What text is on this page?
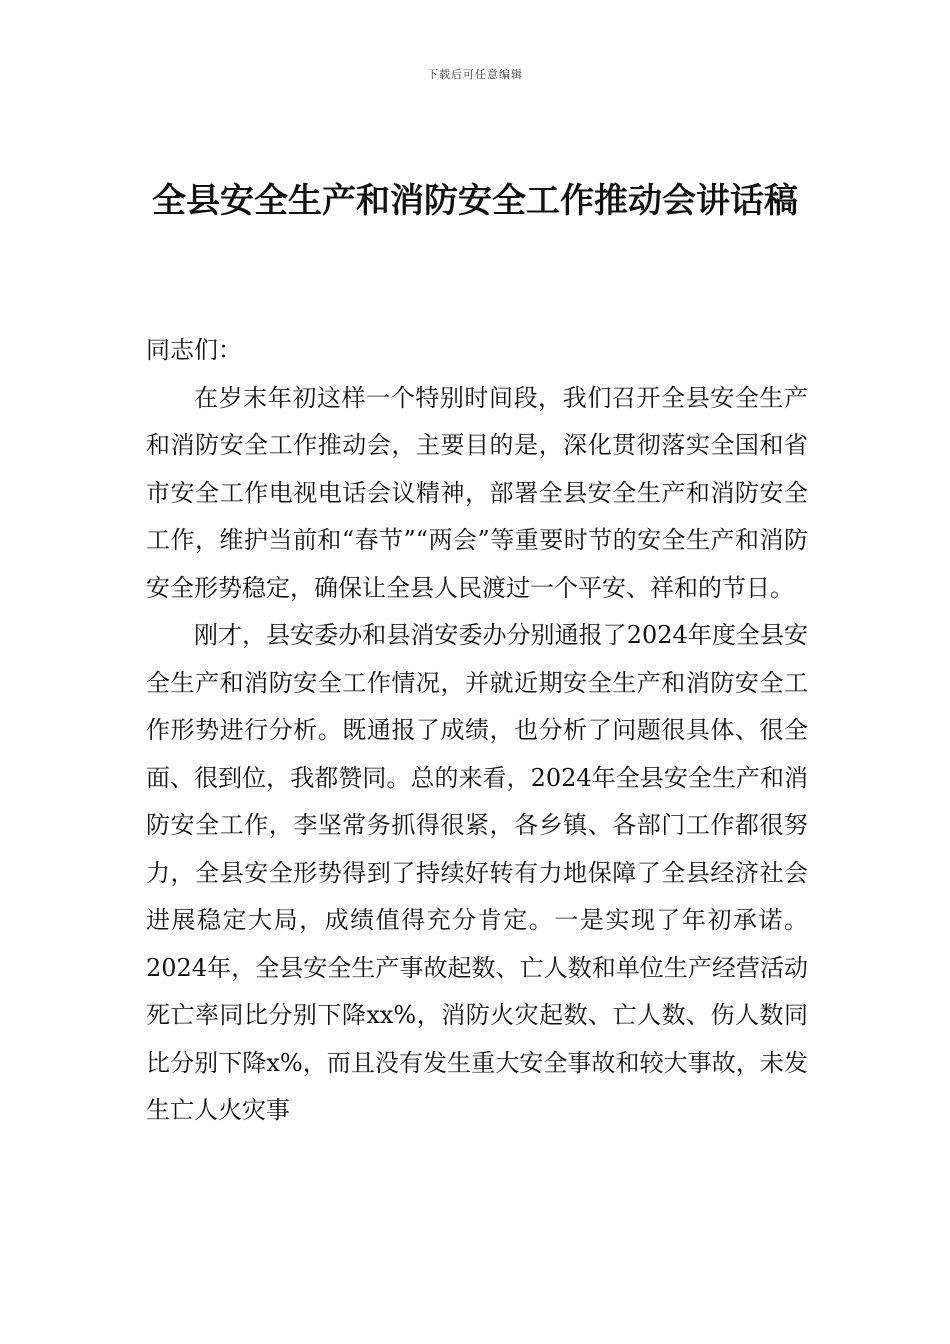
下载后可任意编辑
全县安全生产和消防安全工作推动会讲话稿

同志们：

在岁末年初这样一个特别时间段，我们召开全县安全生产和消防安全工作推动会，主要目的是，深化贯彻落实全国和省市安全工作电视电话会议精神，部署全县安全生产和消防安全工作，维护当前和“春节”“两会”等重要时节的安全生产和消防安全形势稳定，确保让全县人民渡过一个平安、祥和的节日。

刚才，县安委办和县消安委办分别通报了2024年度全县安全生产和消防安全工作情况，并就近期安全生产和消防安全工作形势进行分析。既通报了成绩，也分析了问题很具体、很全面、很到位，我都赞同。总的来看，2024年全县安全生产和消防安全工作，李坚常务抓得很紧，各乡镇、各部门工作都很努力，全县安全形势得到了持续好转有力地保障了全县经济社会进展稳定大局，成绩值得充分肯定。一是实现了年初承诺。2024年，全县安全生产事故起数、亡人数和单位生产经营活动死亡率同比分别下降xx%，消防火灾起数、亡人数、伤人数同比分别下降x%，而且没有发生重大安全事故和较大事故，未发生亡人火灾事
